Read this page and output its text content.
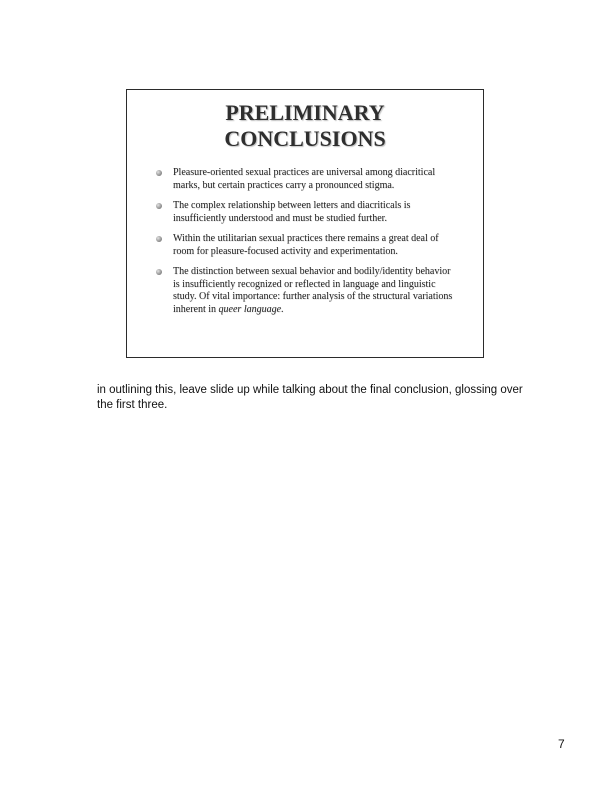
PRELIMINARY
CONCLUSIONS
Pleasure-oriented sexual practices are universal among diacritical marks, but certain practices carry a pronounced stigma.
The complex relationship between letters and diacriticals is insufficiently understood and must be studied further.
Within the utilitarian sexual practices there remains a great deal of room for pleasure-focused activity and experimentation.
The distinction between sexual behavior and bodily/identity behavior is insufficiently recognized or reflected in language and linguistic study. Of vital importance: further analysis of the structural variations inherent in queer language.
in outlining this, leave slide up while talking about the final conclusion, glossing over the first three.
7
